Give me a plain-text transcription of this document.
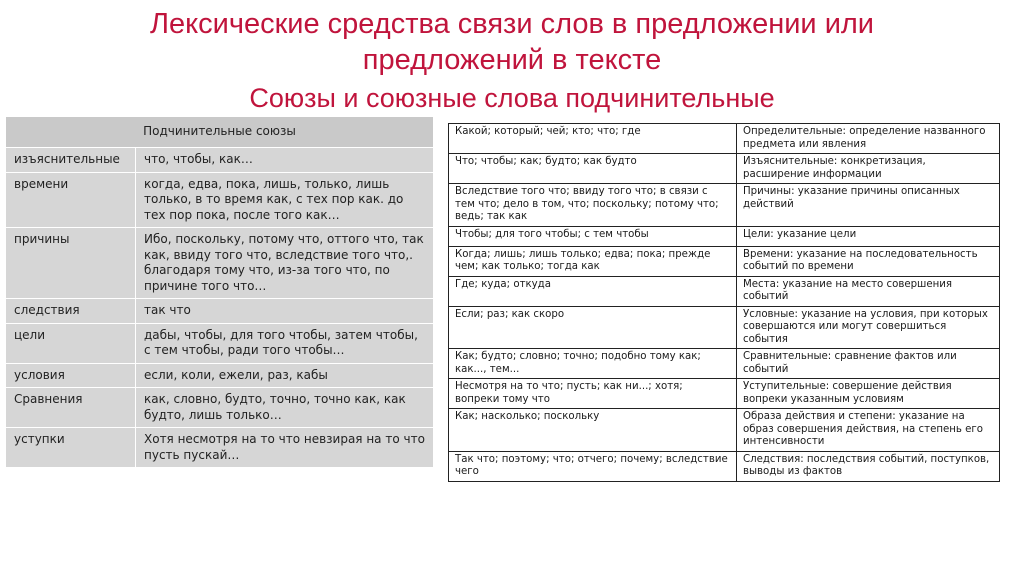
Лексические средства связи слов в предложении или
предложений в тексте
Союзы и союзные слова подчинительные
Подчинительные союзы	
изъяснительные	что, чтобы, как…
времени	когда, едва, пока, лишь, только, лишь только, в то время как, с тех пор как. до тех пор пока, после того как…
причины	Ибо, поскольку, потому что, оттого что, так как, ввиду того что, вследствие того что,. благодаря тому что, из-за того что, по причине того что…
следствия	так что
цели	дабы, чтобы, для того чтобы, затем чтобы, с тем чтобы, ради того чтобы…
условия	если, коли, ежели, раз, кабы
Сравнения	как, словно, будто, точно, точно как, как будто, лишь только…
уступки	Хотя несмотря на то что невзирая на то что пусть пускай…
Какой; который; чей; кто; что; где	Определительные: определение названного предмета или явления
Что; чтобы; как; будто; как будто	Изъяснительные: конкретизация, расширение информации
Вследствие того что; ввиду того что; в связи с тем что; дело в том, что; поскольку; потому что; ведь; так как	Причины: указание причины описанных действий
Чтобы; для того чтобы; с тем чтобы	Цели: указание цели
Когда; лишь; лишь только; едва; пока; прежде чем; как только; тогда как	Времени: указание на последовательность событий по времени
Где; куда; откуда	Места: указание на место совершения событий
Если; раз; как скоро	Условные: указание на условия, при которых совершаются или могут совершиться события
Как; будто; словно; точно; подобно тому как; как..., тем...	Сравнительные: сравнение фактов или событий
Несмотря на то что; пусть; как ни...; хотя; вопреки тому что	Уступительные: совершение действия вопреки указанным условиям
Как; насколько; поскольку	Образа действия и степени: указание на образ совершения действия, на степень его интенсивности
Так что; поэтому; что; отчего; почему; вследствие чего	Следствия: последствия событий, поступков, выводы из фактов
